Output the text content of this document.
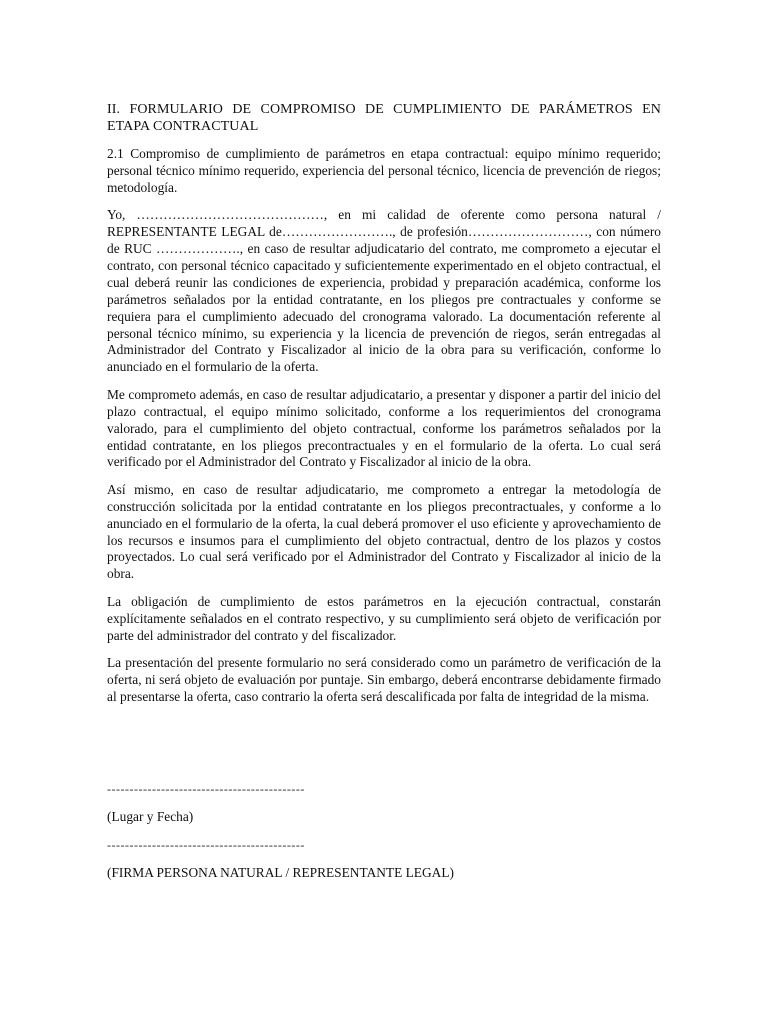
II. FORMULARIO DE COMPROMISO DE CUMPLIMIENTO DE PARÁMETROS EN ETAPA CONTRACTUAL

2.1 Compromiso de cumplimiento de parámetros en etapa contractual: equipo mínimo requerido; personal técnico mínimo requerido, experiencia del personal técnico, licencia de prevención de riegos; metodología.

Yo, ……………………………………, en mi calidad de oferente como persona natural / REPRESENTANTE LEGAL de……………………., de profesión………………………, con número de RUC ………………., en caso de resultar adjudicatario del contrato, me comprometo a ejecutar el contrato, con personal técnico capacitado y suficientemente experimentado en el objeto contractual, el cual deberá reunir las condiciones de experiencia, probidad y preparación académica, conforme los parámetros señalados por la entidad contratante, en los pliegos pre contractuales y conforme se requiera para el cumplimiento adecuado del cronograma valorado. La documentación referente al personal técnico mínimo, su experiencia y la licencia de prevención de riegos, serán entregadas al Administrador del Contrato y Fiscalizador al inicio de la obra para su verificación, conforme lo anunciado en el formulario de la oferta.

Me comprometo además, en caso de resultar adjudicatario, a presentar y disponer a partir del inicio del plazo contractual, el equipo mínimo solicitado, conforme a los requerimientos del cronograma valorado, para el cumplimiento del objeto contractual, conforme los parámetros señalados por la entidad contratante, en los pliegos precontractuales y en el formulario de la oferta. Lo cual será verificado por el Administrador del Contrato y Fiscalizador al inicio de la obra.

Así mismo, en caso de resultar adjudicatario, me comprometo a entregar la metodología de construcción solicitada por la entidad contratante en los pliegos precontractuales, y conforme a lo anunciado en el formulario de la oferta, la cual deberá promover el uso eficiente y aprovechamiento de los recursos e insumos para el cumplimiento del objeto contractual, dentro de los plazos y costos proyectados. Lo cual será verificado por el Administrador del Contrato y Fiscalizador al inicio de la obra.

La obligación de cumplimiento de estos parámetros en la ejecución contractual, constarán explícitamente señalados en el contrato respectivo, y su cumplimiento será objeto de verificación por parte del administrador del contrato y del fiscalizador.

La presentación del presente formulario no será considerado como un parámetro de verificación de la oferta, ni será objeto de evaluación por puntaje. Sin embargo, deberá encontrarse debidamente firmado al presentarse la oferta, caso contrario la oferta será descalificada por falta de integridad de la misma.

--------------------------------------------
(Lugar y Fecha)
--------------------------------------------
(FIRMA PERSONA NATURAL / REPRESENTANTE LEGAL)
